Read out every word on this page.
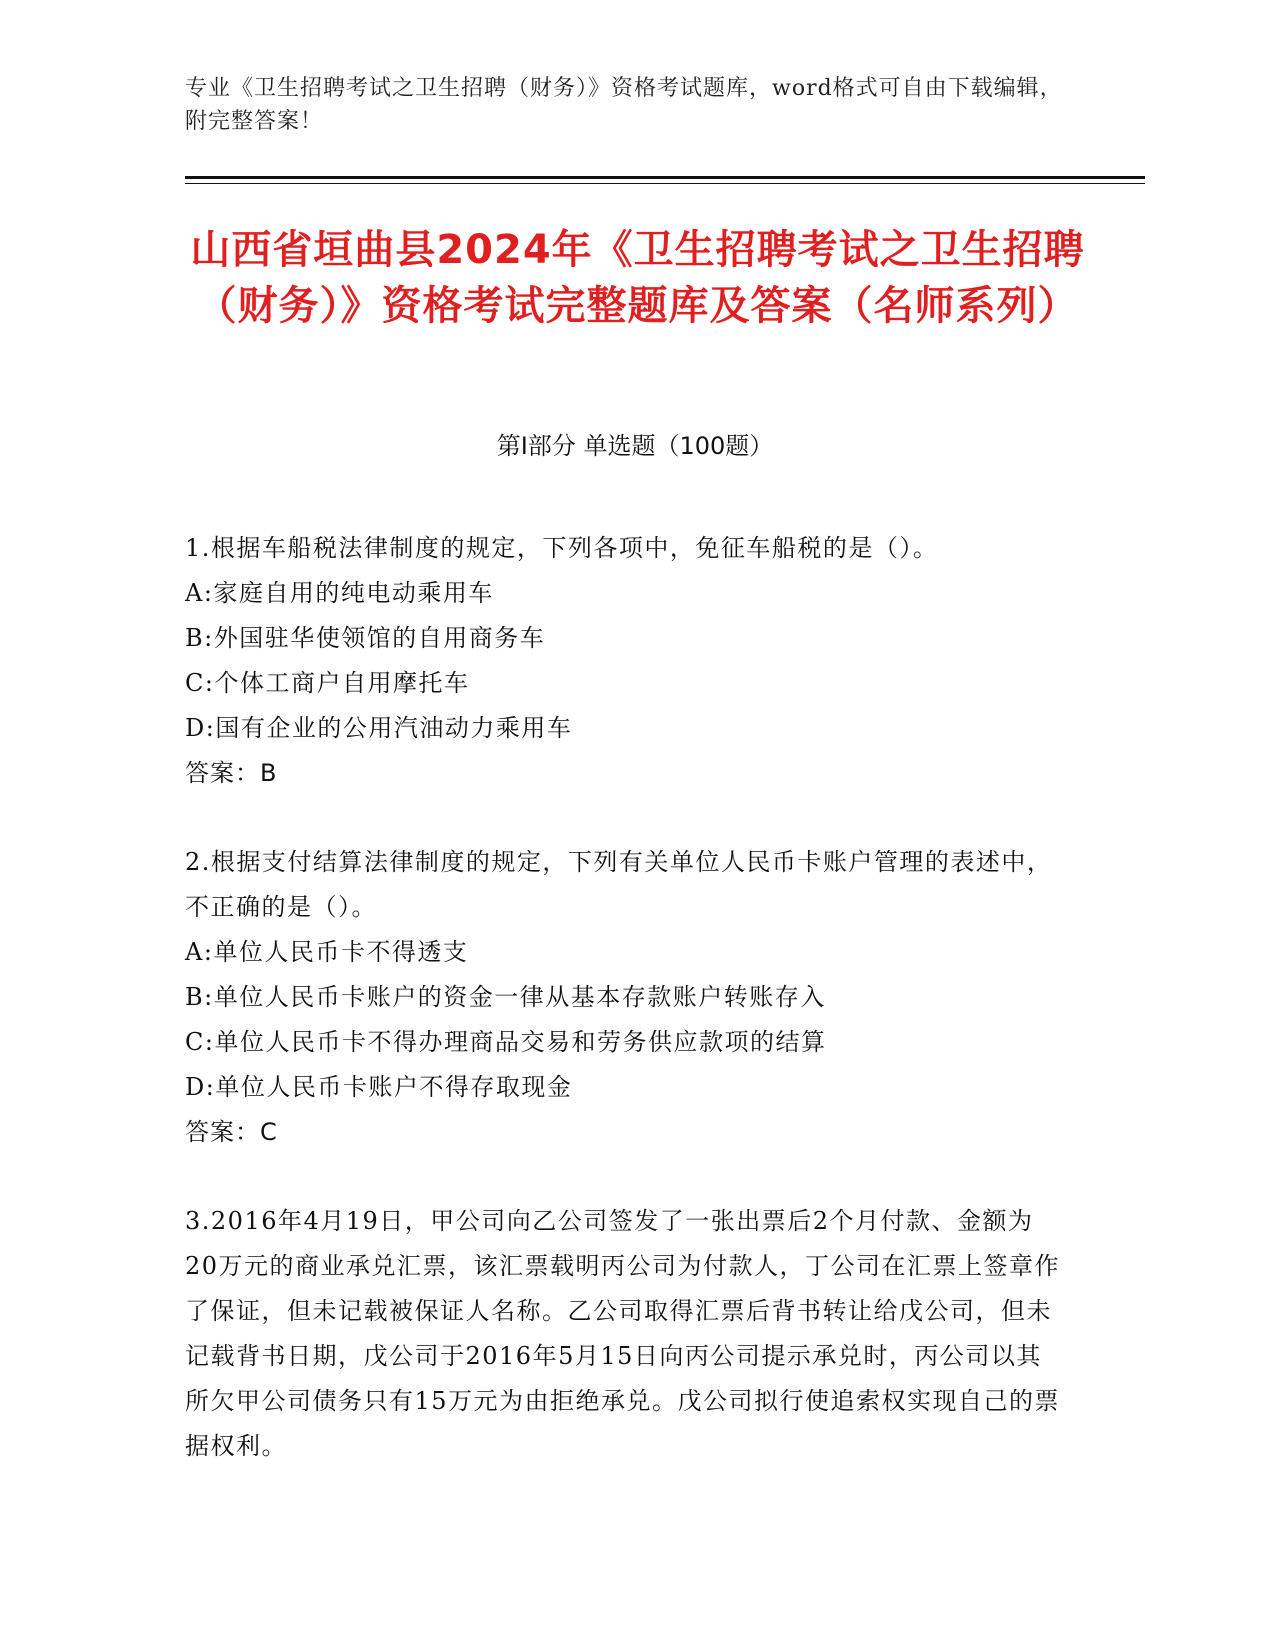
专业《卫生招聘考试之卫生招聘（财务）》资格考试题库，word格式可自由下载编辑，附完整答案！
山西省垣曲县2024年《卫生招聘考试之卫生招聘（财务）》资格考试完整题库及答案（名师系列）
第Ⅰ部分 单选题（100题）

1.根据车船税法律制度的规定，下列各项中，免征车船税的是（）。

A:家庭自用的纯电动乘用车

B:外国驻华使领馆的自用商务车

C:个体工商户自用摩托车

D:国有企业的公用汽油动力乘用车

答案：B

2.根据支付结算法律制度的规定，下列有关单位人民币卡账户管理的表述中，不正确的是（）。

A:单位人民币卡不得透支

B:单位人民币卡账户的资金一律从基本存款账户转账存入

C:单位人民币卡不得办理商品交易和劳务供应款项的结算

D:单位人民币卡账户不得存取现金

答案：C

3.2016年4月19日，甲公司向乙公司签发了一张出票后2个月付款、金额为20万元的商业承兑汇票，该汇票载明丙公司为付款人，丁公司在汇票上签章作了保证，但未记载被保证人名称。乙公司取得汇票后背书转让给戊公司，但未记载背书日期，戊公司于2016年5月15日向丙公司提示承兑时，丙公司以其所欠甲公司债务只有15万元为由拒绝承兑。戊公司拟行使追索权实现自己的票据权利。
